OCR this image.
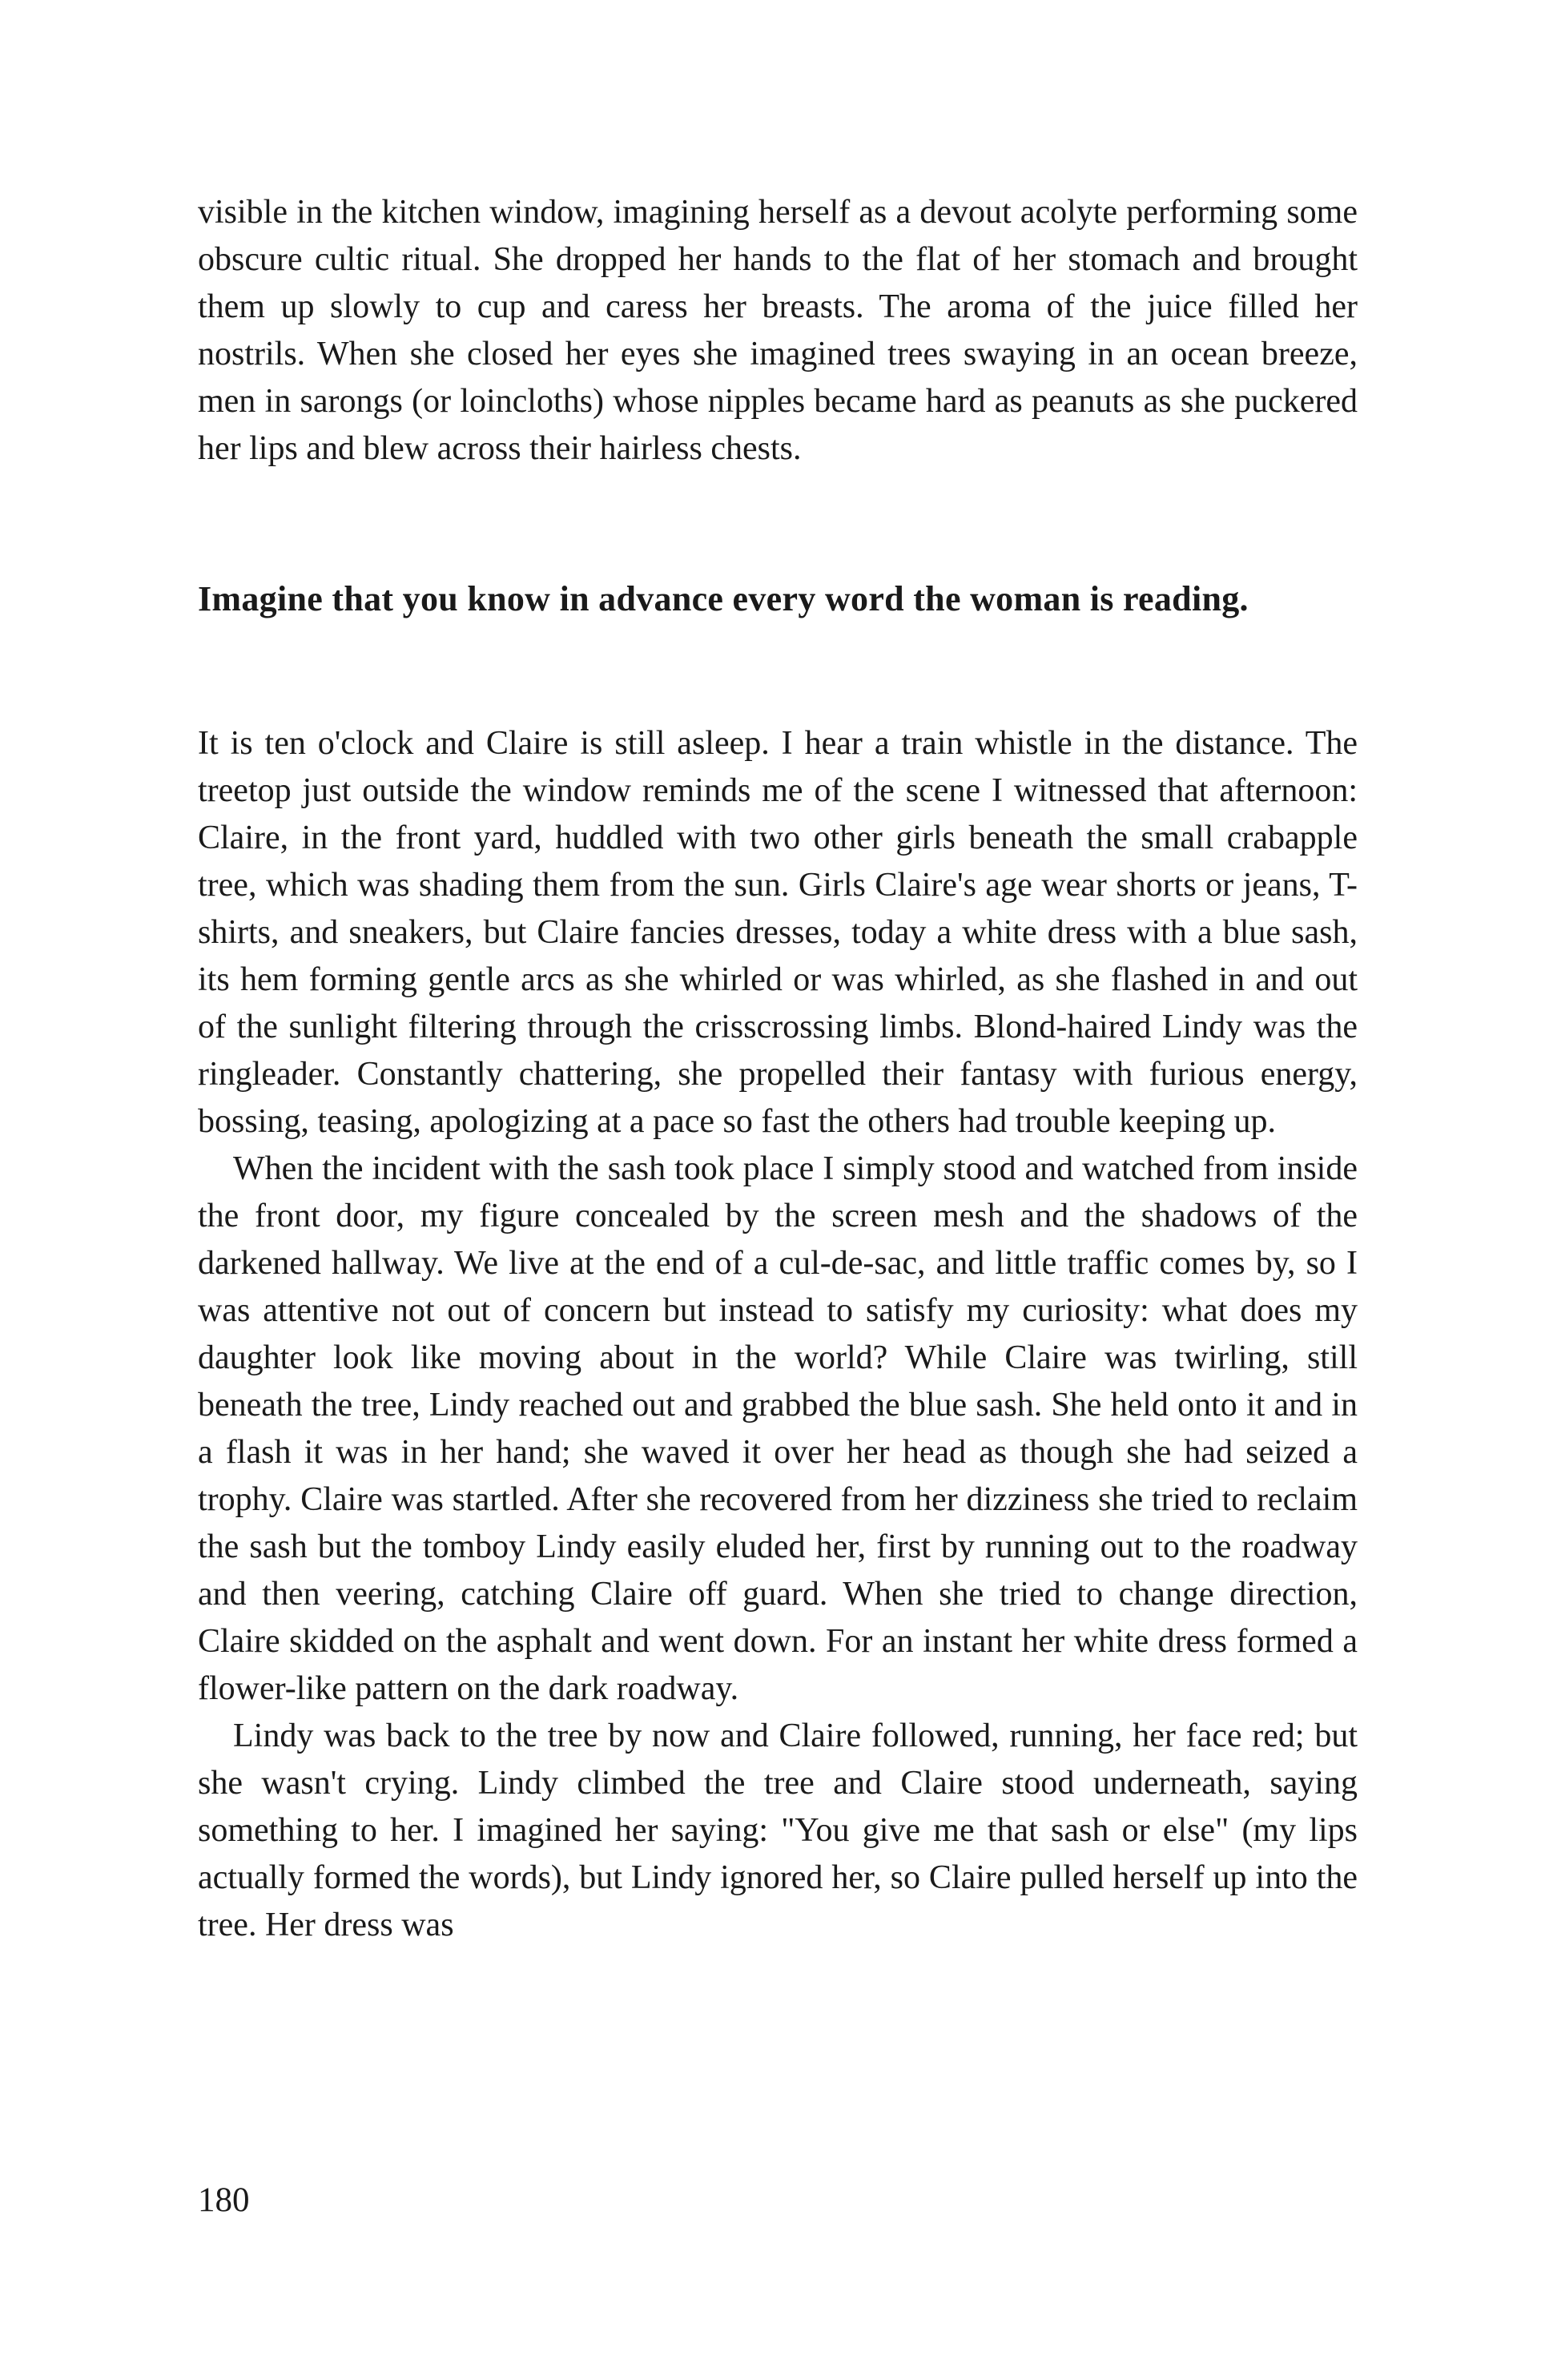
visible in the kitchen window, imagining herself as a devout acolyte performing some obscure cultic ritual. She dropped her hands to the flat of her stomach and brought them up slowly to cup and caress her breasts. The aroma of the juice filled her nostrils. When she closed her eyes she imagined trees swaying in an ocean breeze, men in sarongs (or loincloths) whose nipples became hard as peanuts as she puckered her lips and blew across their hairless chests.

Imagine that you know in advance every word the woman is reading.

It is ten o'clock and Claire is still asleep. I hear a train whistle in the distance. The treetop just outside the window reminds me of the scene I witnessed that afternoon: Claire, in the front yard, huddled with two other girls beneath the small crabapple tree, which was shading them from the sun. Girls Claire's age wear shorts or jeans, T-shirts, and sneakers, but Claire fancies dresses, today a white dress with a blue sash, its hem forming gentle arcs as she whirled or was whirled, as she flashed in and out of the sunlight filtering through the crisscrossing limbs. Blond-haired Lindy was the ringleader. Constantly chattering, she propelled their fantasy with furious energy, bossing, teasing, apologizing at a pace so fast the others had trouble keeping up.

When the incident with the sash took place I simply stood and watched from inside the front door, my figure concealed by the screen mesh and the shadows of the darkened hallway. We live at the end of a cul-de-sac, and little traffic comes by, so I was attentive not out of concern but instead to satisfy my curiosity: what does my daughter look like moving about in the world? While Claire was twirling, still beneath the tree, Lindy reached out and grabbed the blue sash. She held onto it and in a flash it was in her hand; she waved it over her head as though she had seized a trophy. Claire was startled. After she recovered from her dizziness she tried to reclaim the sash but the tomboy Lindy easily eluded her, first by running out to the roadway and then veering, catching Claire off guard. When she tried to change direction, Claire skidded on the asphalt and went down. For an instant her white dress formed a flower-like pattern on the dark roadway.

Lindy was back to the tree by now and Claire followed, running, her face red; but she wasn't crying. Lindy climbed the tree and Claire stood underneath, saying something to her. I imagined her saying: "You give me that sash or else" (my lips actually formed the words), but Lindy ignored her, so Claire pulled herself up into the tree. Her dress was

180
